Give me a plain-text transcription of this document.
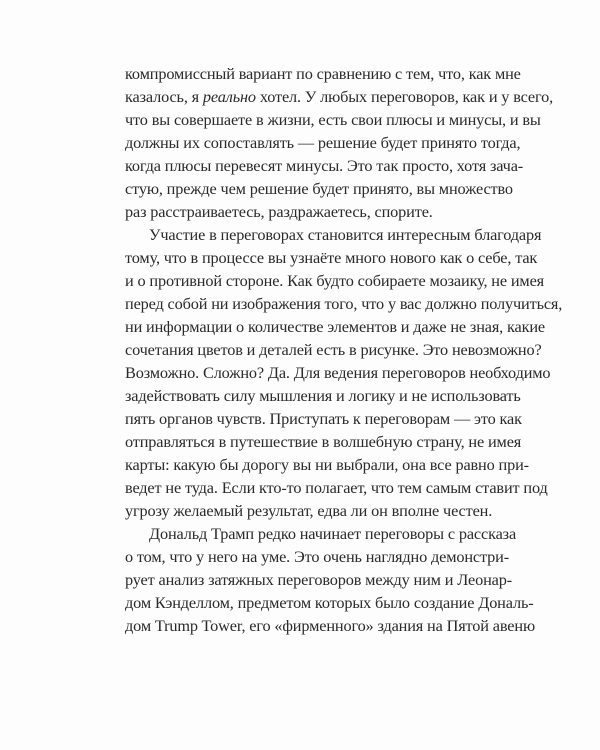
компромиссный вариант по сравнению с тем, что, как мне
казалось, я реально хотел. У любых переговоров, как и у всего,
что вы совершаете в жизни, есть свои плюсы и минусы, и вы
должны их сопоставлять — решение будет принято тогда,
когда плюсы перевесят минусы. Это так просто, хотя зача-
стую, прежде чем решение будет принято, вы множество
раз расстраиваетесь, раздражаетесь, спорите.
Участие в переговорах становится интересным благодаря
тому, что в процессе вы узнаёте много нового как о себе, так
и о противной стороне. Как будто собираете мозаику, не имея
перед собой ни изображения того, что у вас должно получиться,
ни информации о количестве элементов и даже не зная, какие
сочетания цветов и деталей есть в рисунке. Это невозможно?
Возможно. Сложно? Да. Для ведения переговоров необходимо
задействовать силу мышления и логику и не использовать
пять органов чувств. Приступать к переговорам — это как
отправляться в путешествие в волшебную страну, не имея
карты: какую бы дорогу вы ни выбрали, она все равно при-
ведет не туда. Если кто-то полагает, что тем самым ставит под
угрозу желаемый результат, едва ли он вполне честен.
Дональд Трамп редко начинает переговоры с рассказа
о том, что у него на уме. Это очень наглядно демонстри-
рует анализ затяжных переговоров между ним и Леонар-
дом Кэнделлом, предметом которых было создание Дональ-
дом Trump Tower, его «фирменного» здания на Пятой авеню
